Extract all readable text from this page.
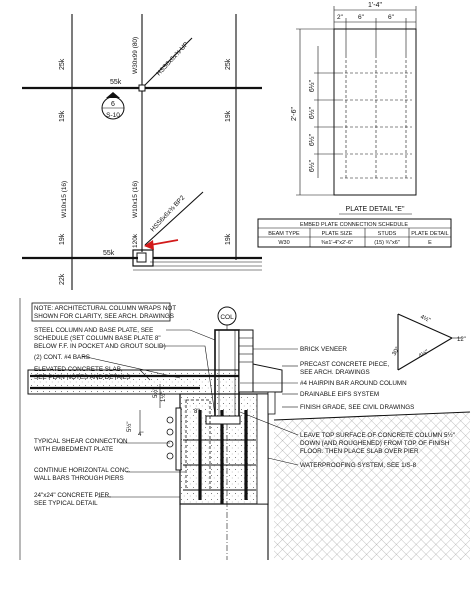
25k	25k
19k	19k
19k	19k
22k
55k
55k
W30x99 (80)
W10x15 (16)
W10x15 (16)
120k
HSS6x6x⅜ UP
HSS6x6x⅜ BP2
6
S-10
1'-4"
2" 6"	6"
2'-6"
6½"
6½"
6½"
6½"
PLATE DETAIL "E"
EMBED PLATE CONNECTION SCHEDULE
BEAM TYPE	PLATE SIZE	STUDS	PLATE DETAIL
W30	⅜x1'-4"x2'-6"	(15) ¾"x6"	E
COL	4½"
12"
30°	4½"
1½"
5½"
8"
5½"
4"
NOTE: ARCHITECTURAL COLUMN WRAPS NOT
SHOWN FOR CLARITY, SEE ARCH. DRAWINGS
STEEL COLUMN AND BASE PLATE, SEE
SCHEDULE (SET COLUMN BASE PLATE 8"
BELOW F.F. IN POCKET AND GROUT SOLID)
(2) CONT. #4 BARS
ELEVATED CONCRETE SLAB,
SEE PLAN NOTES AND DETAILS
TYPICAL SHEAR CONNECTION
WITH EMBEDMENT PLATE
CONTINUE HORIZONTAL CONC.
WALL BARS THROUGH PIERS
24"x24" CONCRETE PIER,
SEE TYPICAL DETAIL
BRICK VENEER
PRECAST CONCRETE PIECE,
SEE ARCH. DRAWINGS
#4 HAIRPIN BAR AROUND COLUMN
DRAINABLE EIFS SYSTEM
FINISH GRADE, SEE CIVIL DRAWINGS
LEAVE TOP SURFACE OF CONCRETE COLUMN 5½"
DOWN (AND ROUGHENED) FROM TOP OF FINISH
FLOOR. THEN PLACE SLAB OVER PIER
WATERPROOFING SYSTEM, SEE 1/S-8
